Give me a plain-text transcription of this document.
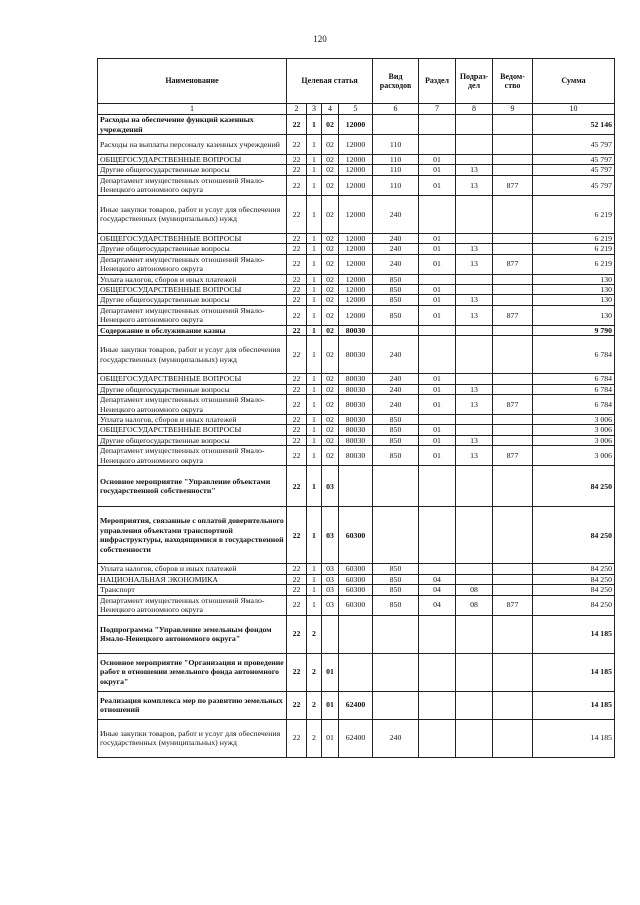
120
Наименование	Целевая статья				Вид расходов	Раздел	Подраз-дел	Ведом-ство	Сумма
1	2	3	4	5	6	7	8	9	10
Расходы на обеспечение функций казенных учреждений	22	1	02	12000					52 146
Расходы на выплаты персоналу казенных учреждений	22	1	02	12000	110				45 797
ОБЩЕГОСУДАРСТВЕННЫЕ ВОПРОСЫ	22	1	02	12000	110	01			45 797
Другие общегосударственные вопросы	22	1	02	12000	110	01	13		45 797
Департамент имущественных отношений Ямало-Ненецкого автономного округа	22	1	02	12000	110	01	13	877	45 797
Иные закупки товаров, работ и услуг для обеспечения государственных (муниципальных) нужд	22	1	02	12000	240				6 219
ОБЩЕГОСУДАРСТВЕННЫЕ ВОПРОСЫ	22	1	02	12000	240	01			6 219
Другие общегосударственные вопросы	22	1	02	12000	240	01	13		6 219
Департамент имущественных отношений Ямало-Ненецкого автономного округа	22	1	02	12000	240	01	13	877	6 219
Уплата налогов, сборов и иных платежей	22	1	02	12000	850				130
ОБЩЕГОСУДАРСТВЕННЫЕ ВОПРОСЫ	22	1	02	12000	850	01			130
Другие общегосударственные вопросы	22	1	02	12000	850	01	13		130
Департамент имущественных отношений Ямало-Ненецкого автономного округа	22	1	02	12000	850	01	13	877	130
Содержание и обслуживание казны	22	1	02	80030					9 790
Иные закупки товаров, работ и услуг для обеспечения государственных (муниципальных) нужд	22	1	02	80030	240				6 784
ОБЩЕГОСУДАРСТВЕННЫЕ ВОПРОСЫ	22	1	02	80030	240	01			6 784
Другие общегосударственные вопросы	22	1	02	80030	240	01	13		6 784
Департамент имущественных отношений Ямало-Ненецкого автономного округа	22	1	02	80030	240	01	13	877	6 784
Уплата налогов, сборов и иных платежей	22	1	02	80030	850				3 006
ОБЩЕГОСУДАРСТВЕННЫЕ ВОПРОСЫ	22	1	02	80030	850	01			3 006
Другие общегосударственные вопросы	22	1	02	80030	850	01	13		3 006
Департамент имущественных отношений Ямало-Ненецкого автономного округа	22	1	02	80030	850	01	13	877	3 006
Основное мероприятие "Управление объектами государственной собственности"	22	1	03						84 250
Мероприятия, связанные с оплатой доверительного управления объектами транспортной инфраструктуры, находящимися в государственной собственности	22	1	03	60300					84 250
Уплата налогов, сборов и иных платежей	22	1	03	60300	850				84 250
НАЦИОНАЛЬНАЯ ЭКОНОМИКА	22	1	03	60300	850	04			84 250
Транспорт	22	1	03	60300	850	04	08		84 250
Департамент имущественных отношений Ямало-Ненецкого автономного округа	22	1	03	60300	850	04	08	877	84 250
Подпрограмма "Управление земельным фондом Ямало-Ненецкого автономного округа"	22	2							14 185
Основное мероприятие "Организация и проведение работ в отношении земельного фонда автономного округа"	22	2	01						14 185
Реализация комплекса мер по развитию земельных отношений	22	2	01	62400					14 185
Иные закупки товаров, работ и услуг для обеспечения государственных (муниципальных) нужд	22	2	01	62400	240				14 185
